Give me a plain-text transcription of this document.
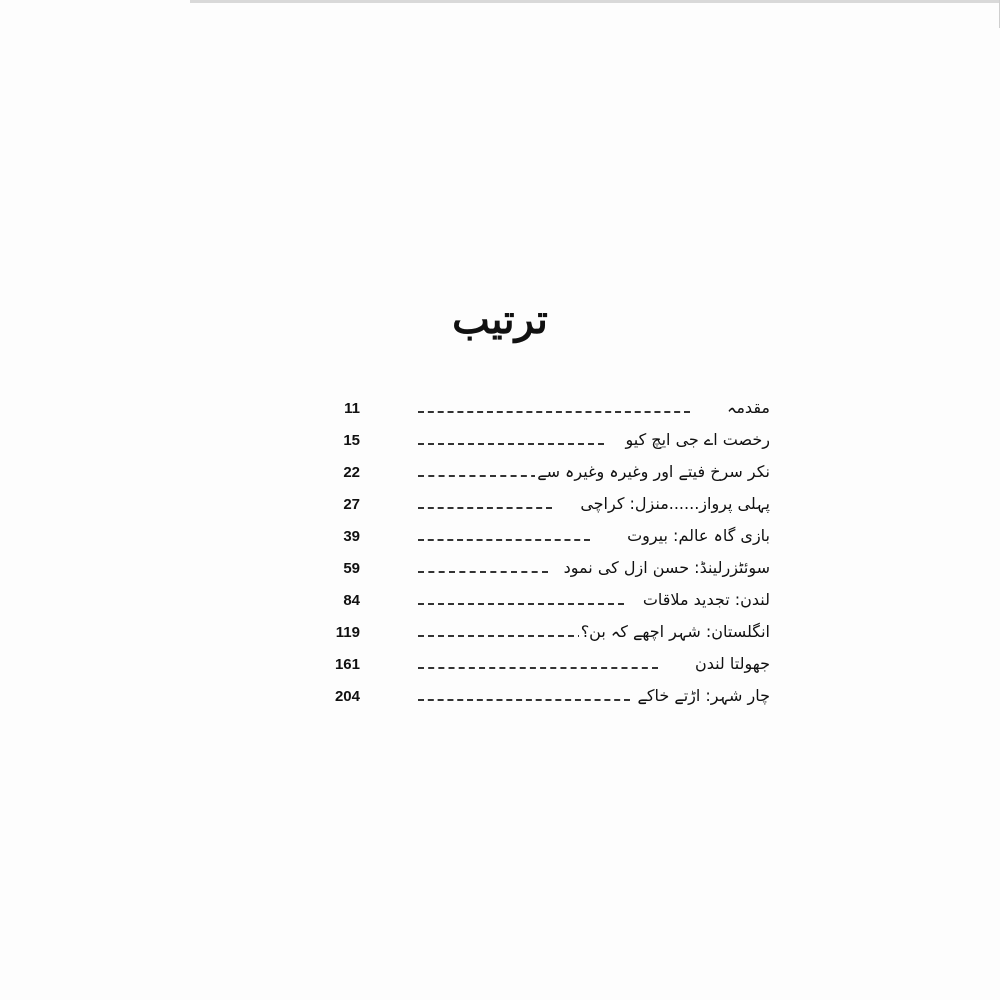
ترتیب
11	مقدمہ
15	رخصت اے جی ایچ کیو
22	نکر سرخ فیتے اور وغیرہ وغیرہ سے
27	پہلی پرواز......منزل: کراچی
39	بازی گاہ عالم: بیروت
59	سوئٹزرلینڈ: حسن ازل کی نمود
84	لندن: تجدید ملاقات
119	انگلستان: شہر اچھے کہ بن؟
161	جھولتا لندن
204	چار شہر: اڑتے خاکے
